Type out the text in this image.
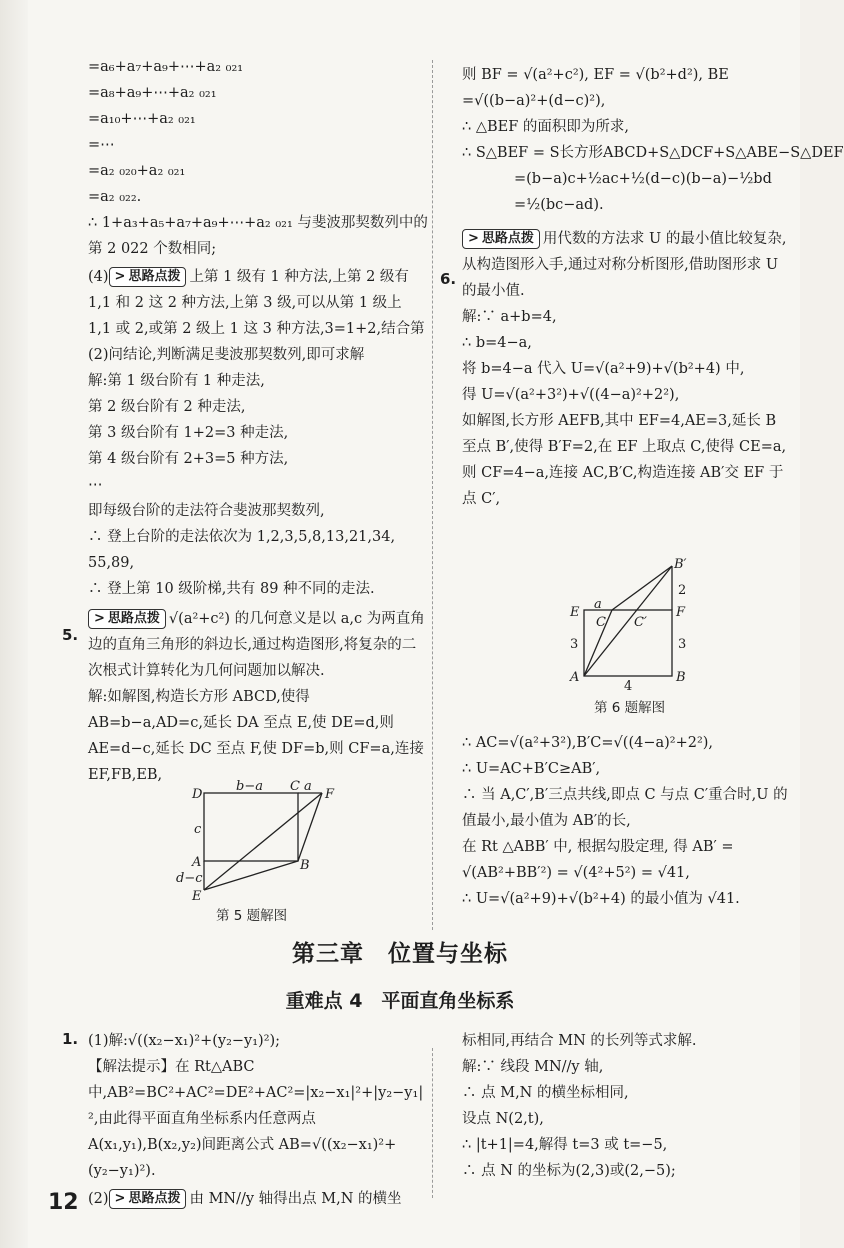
=a₆+a₇+a₉+⋯+a₂ ₀₂₁
=a₈+a₉+⋯+a₂ ₀₂₁
=a₁₀+⋯+a₂ ₀₂₁
=⋯
=a₂ ₀₂₀+a₂ ₀₂₁
=a₂ ₀₂₂.
∴ 1+a₃+a₅+a₇+a₉+⋯+a₂ ₀₂₁ 与斐波那契数列中的
第 2 022 个数相同;
(4) > 思路点拨 上第 1 级有 1 种方法,上第 2 级有 1,1 和 2 这 2 种方法,上第 3 级,可以从第 1 级上 1,1 或 2,或第 2 级上 1 这 3 种方法,3=1+2,结合第(2)问结论,判断满足斐波那契数列,即可求解
解:第 1 级台阶有 1 种走法,
第 2 级台阶有 2 种走法,
第 3 级台阶有 1+2=3 种走法,
第 4 级台阶有 2+3=5 种方法,
⋯
即每级台阶的走法符合斐波那契数列,
∴ 登上台阶的走法依次为 1,2,3,5,8,13,21,34,
55,89,
∴ 登上第 10 级阶梯,共有 89 种不同的走法.
> 思路点拨 √(a²+c²) 的几何意义是以 a,c 为两直角边的直角三角形的斜边长,通过构造图形,将复杂的二次根式计算转化为几何问题加以解决.
解:如解图,构造长方形 ABCD,使得 AB=b−a,AD=c,延长 DA 至点 E,使 DE=d,则 AE=d−c,延长 DC 至点 F,使 DF=b,则 CF=a,连接 EF,FB,EB,
5.
D
b−a C a
F
c
A	B
d−c
E
第 5 题解图
则 BF = √(a²+c²), EF = √(b²+d²), BE
=√((b−a)²+(d−c)²),
∴ △BEF 的面积即为所求,
∴ S△BEF = S长方形ABCD+S△DCF+S△ABE−S△DEF
=(b−a)c+½ac+½(d−c)(b−a)−½bd
=½(bc−ad).
> 思路点拨 用代数的方法求 U 的最小值比较复杂,从构造图形入手,通过对称分析图形,借助图形求 U 的最小值.
解:∵ a+b=4,
∴ b=4−a,
将 b=4−a 代入 U=√(a²+9)+√(b²+4) 中,
得 U=√(a²+3²)+√((4−a)²+2²),
如解图,长方形 AEFB,其中 EF=4,AE=3,延长 B 至点 B′,使得 B′F=2,在 EF 上取点 C,使得 CE=a,则 CF=4−a,连接 AC,B′C,构造连接 AB′交 EF 于点 C′,
6.
B′
2
E
a
F
C C′
3	3
A
4
B
第 6 题解图
∴ AC=√(a²+3²),B′C=√((4−a)²+2²),
∴ U=AC+B′C≥AB′,
∴ 当 A,C′,B′三点共线,即点 C 与点 C′重合时,U 的值最小,最小值为 AB′的长,
在 Rt △ABB′ 中, 根据勾股定理, 得 AB′ = √(AB²+BB′²) = √(4²+5²) = √41,
∴ U=√(a²+9)+√(b²+4) 的最小值为 √41.
第三章　位置与坐标
重难点 4　平面直角坐标系
1. (1)解:√((x₂−x₁)²+(y₂−y₁)²);
【解法提示】在 Rt△ABC 中,AB²=BC²+AC²=DE²+AC²=|x₂−x₁|²+|y₂−y₁|²,由此得平面直角坐标系内任意两点 A(x₁,y₁),B(x₂,y₂)间距离公式 AB=√((x₂−x₁)²+(y₂−y₁)²).
(2) > 思路点拨 由 MN//y 轴得出点 M,N 的横坐
标相同,再结合 MN 的长列等式求解.
解:∵ 线段 MN//y 轴,
∴ 点 M,N 的横坐标相同,
设点 N(2,t),
∴ |t+1|=4,解得 t=3 或 t=−5,
∴ 点 N 的坐标为(2,3)或(2,−5);
12
